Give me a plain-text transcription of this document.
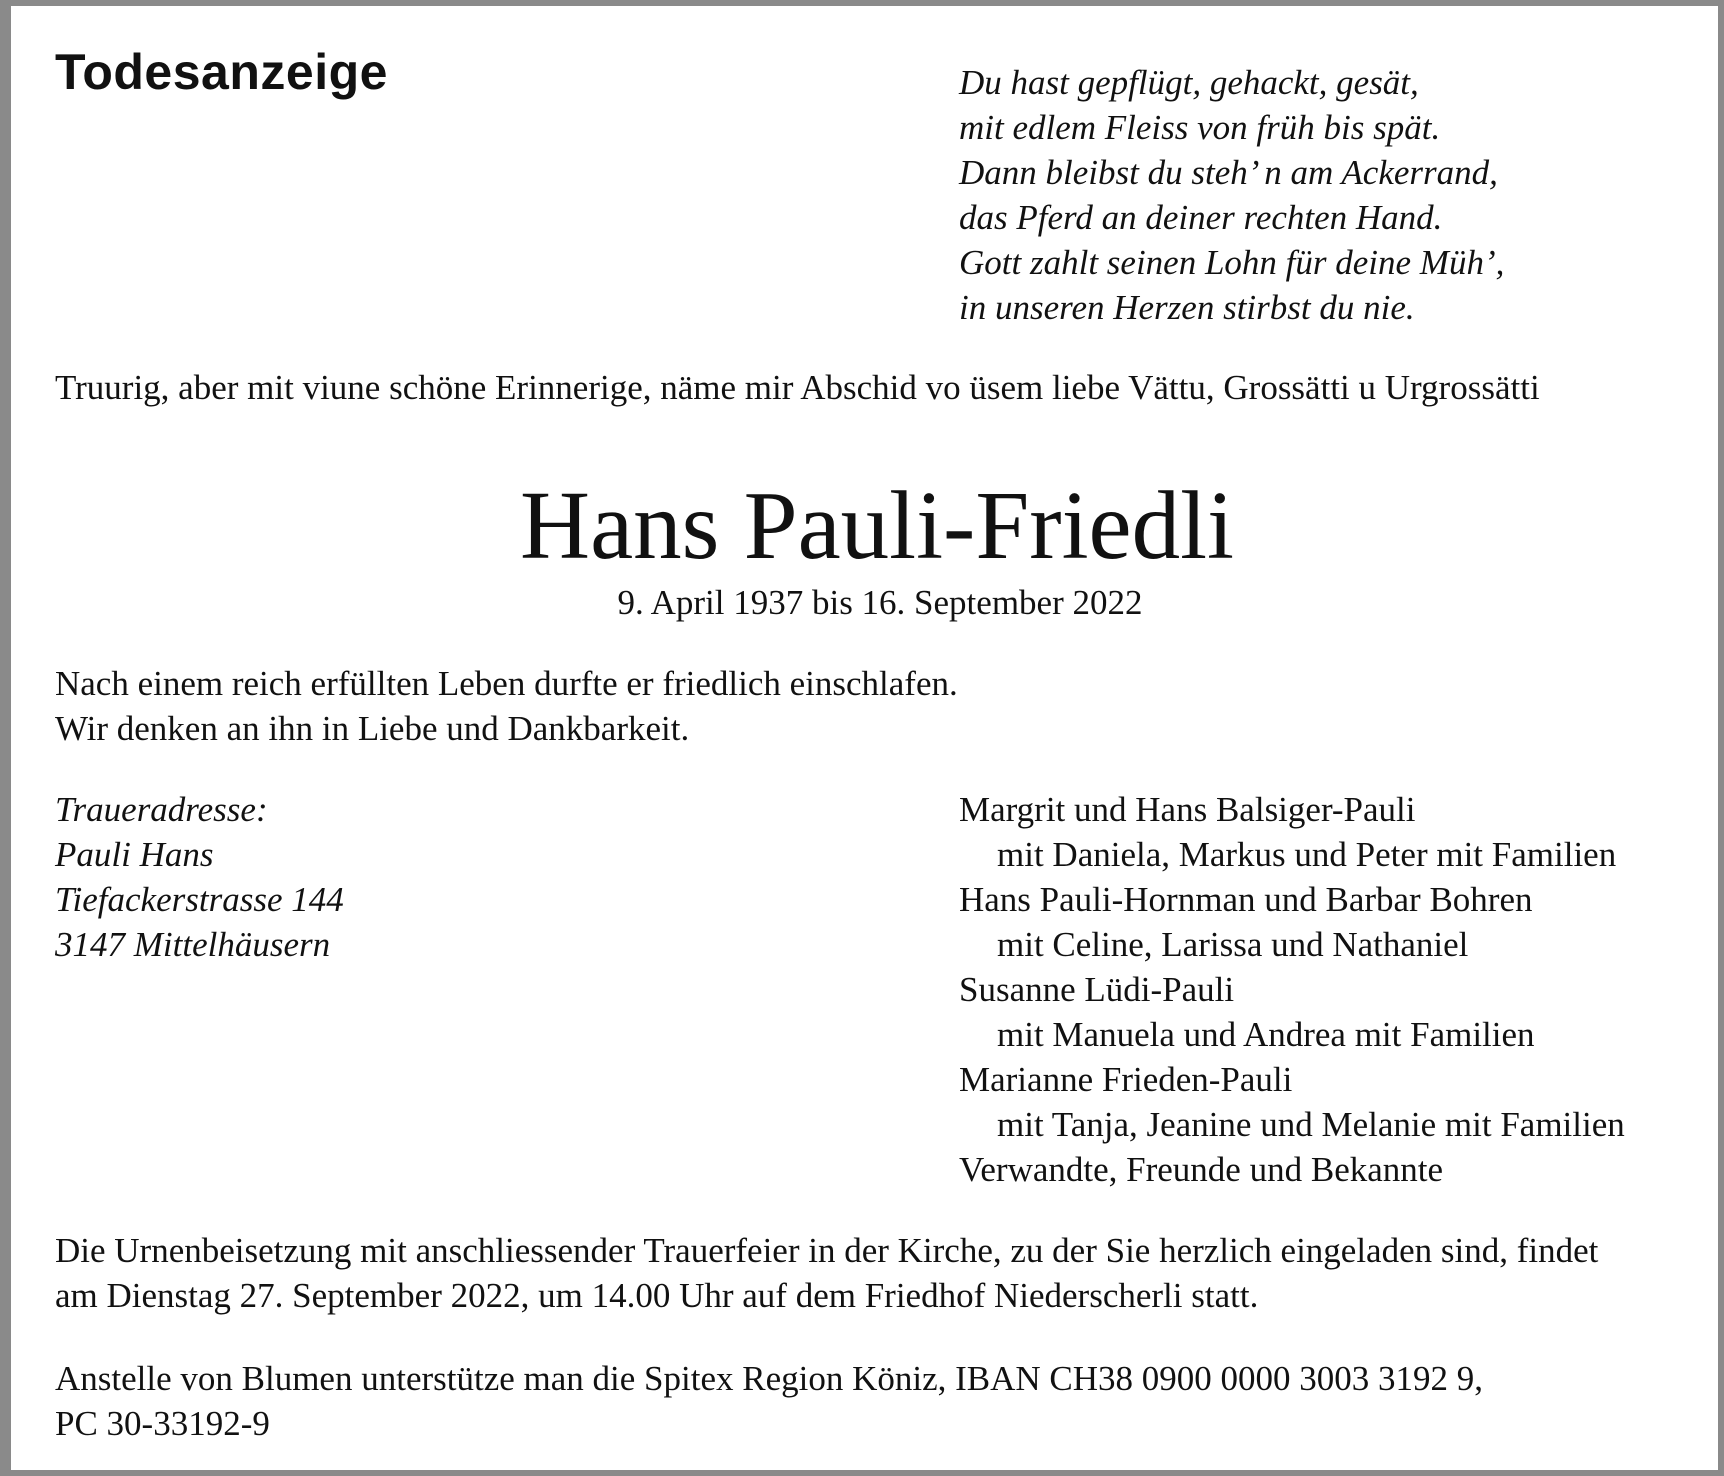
Todesanzeige	Du hast gepflügt, gehackt, gesät,
mit edlem Fleiss von früh bis spät.
Dann bleibst du steh’ n am Ackerrand,
das Pferd an deiner rechten Hand.
Gott zahlt seinen Lohn für deine Müh’,
in unseren Herzen stirbst du nie.

Truurig, aber mit viune schöne Erinnerige, näme mir Abschid vo üsem liebe Vättu, Grossätti u Urgrossätti

Hans Pauli-Friedli
9. April 1937 bis 16. September 2022
Nach einem reich erfüllten Leben durfte er friedlich einschlafen.
Wir denken an ihn in Liebe und Dankbarkeit.
Traueradresse:
Pauli Hans
Tiefackerstrasse 144
3147 Mittelhäusern
Margrit und Hans Balsiger-Pauli
mit Daniela, Markus und Peter mit Familien
Hans Pauli-Hornman und Barbar Bohren
mit Celine, Larissa und Nathaniel
Susanne Lüdi-Pauli
mit Manuela und Andrea mit Familien
Marianne Frieden-Pauli
mit Tanja, Jeanine und Melanie mit Familien
Verwandte, Freunde und Bekannte
Die Urnenbeisetzung mit anschliessender Trauerfeier in der Kirche, zu der Sie herzlich eingeladen sind, findet
am Dienstag 27. September 2022, um 14.00 Uhr auf dem Friedhof Niederscherli statt.
Anstelle von Blumen unterstütze man die Spitex Region Köniz, IBAN CH38 0900 0000 3003 3192 9,
PC 30-33192-9
